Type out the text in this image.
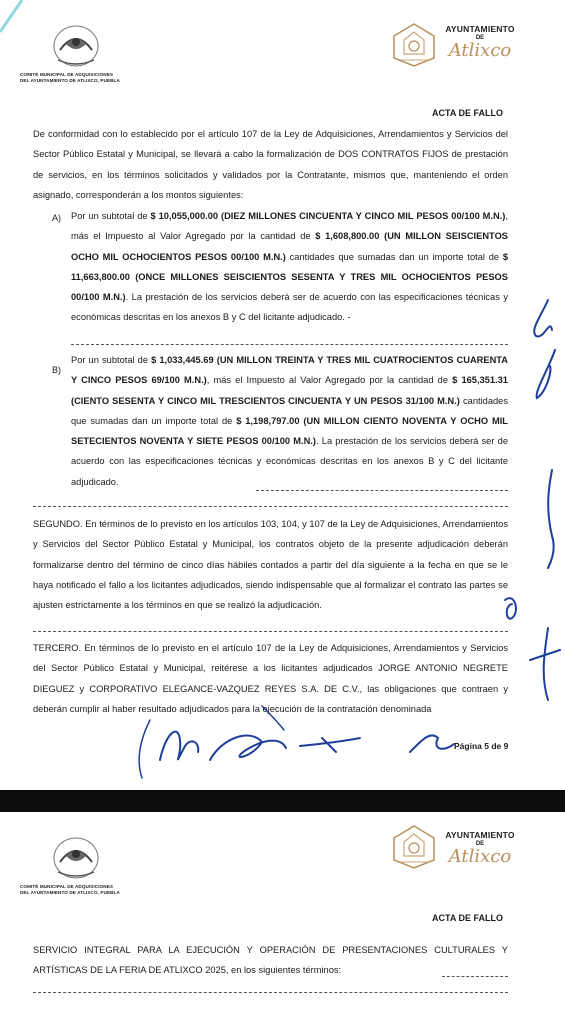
COMITÉ MUNICIPAL DE ADQUISICIONES
DEL AYUNTAMIENTO DE ATLIXCO, PUEBLA
AYUNTAMIENTO
DE
Atlixco
ACTA DE FALLO
De conformidad con lo establecido por el artículo 107 de la Ley de Adquisiciones, Arrendamientos y Servicios del Sector Público Estatal y Municipal, se llevará a cabo la formalización de DOS CONTRATOS FIJOS de prestación de servicios, en los términos solicitados y validados por la Contratante, mismos que, manteniendo el orden asignado, corresponderán a los montos siguientes:
A) Por un subtotal de $ 10,055,000.00 (DIEZ MILLONES CINCUENTA Y CINCO MIL PESOS 00/100 M.N.), más el Impuesto al Valor Agregado por la cantidad de $ 1,608,800.00 (UN MILLON SEISCIENTOS OCHO MIL OCHOCIENTOS PESOS 00/100 M.N.) cantidades que sumadas dan un importe total de $ 11,663,800.00 (ONCE MILLONES SEISCIENTOS SESENTA Y TRES MIL OCHOCIENTOS PESOS 00/100 M.N.). La prestación de los servicios deberá ser de acuerdo con las especificaciones técnicas y económicas descritas en los anexos B y C del licitante adjudicado. -
B)
Por un subtotal de $ 1,033,445.69 (UN MILLON TREINTA Y TRES MIL CUATROCIENTOS CUARENTA Y CINCO PESOS 69/100 M.N.), más el Impuesto al Valor Agregado por la cantidad de $ 165,351.31 (CIENTO SESENTA Y CINCO MIL TRESCIENTOS CINCUENTA Y UN PESOS 31/100 M.N.) cantidades que sumadas dan un importe total de $ 1,198,797.00 (UN MILLON CIENTO NOVENTA Y OCHO MIL SETECIENTOS NOVENTA Y SIETE PESOS 00/100 M.N.). La prestación de los servicios deberá ser de acuerdo con las especificaciones técnicas y económicas descritas en los anexos B y C del licitante adjudicado.
SEGUNDO. En términos de lo previsto en los artículos 103, 104, y 107 de la Ley de Adquisiciones, Arrendamientos y Servicios del Sector Público Estatal y Municipal, los contratos objeto de la presente adjudicación deberán formalizarse dentro del término de cinco días hábiles contados a partir del día siguiente a la fecha en que se le haya notificado el fallo a los licitantes adjudicados, siendo indispensable que al formalizar el contrato las partes se ajusten estrictamente a los términos en que se realizó la adjudicación.
TERCERO. En términos de lo previsto en el artículo 107 de la Ley de Adquisiciones, Arrendamientos y Servicios del Sector Público Estatal y Municipal, reitérese a los licitantes adjudicados JORGE ANTONIO NEGRETE DIEGUEZ y CORPORATIVO ELEGANCE-VAZQUEZ REYES S.A. DE C.V., las obligaciones que contraen y deberán cumplir al haber resultado adjudicados para la ejecución de la contratación denominada
Página 5 de 9
COMITÉ MUNICIPAL DE ADQUISICIONES
DEL AYUNTAMIENTO DE ATLIXCO, PUEBLA
AYUNTAMIENTO
DE
Atlixco
ACTA DE FALLO
SERVICIO INTEGRAL PARA LA EJECUCIÓN Y OPERACIÓN DE PRESENTACIONES CULTURALES Y ARTÍSTICAS DE LA FERIA DE ATLIXCO 2025, en los siguientes términos:
